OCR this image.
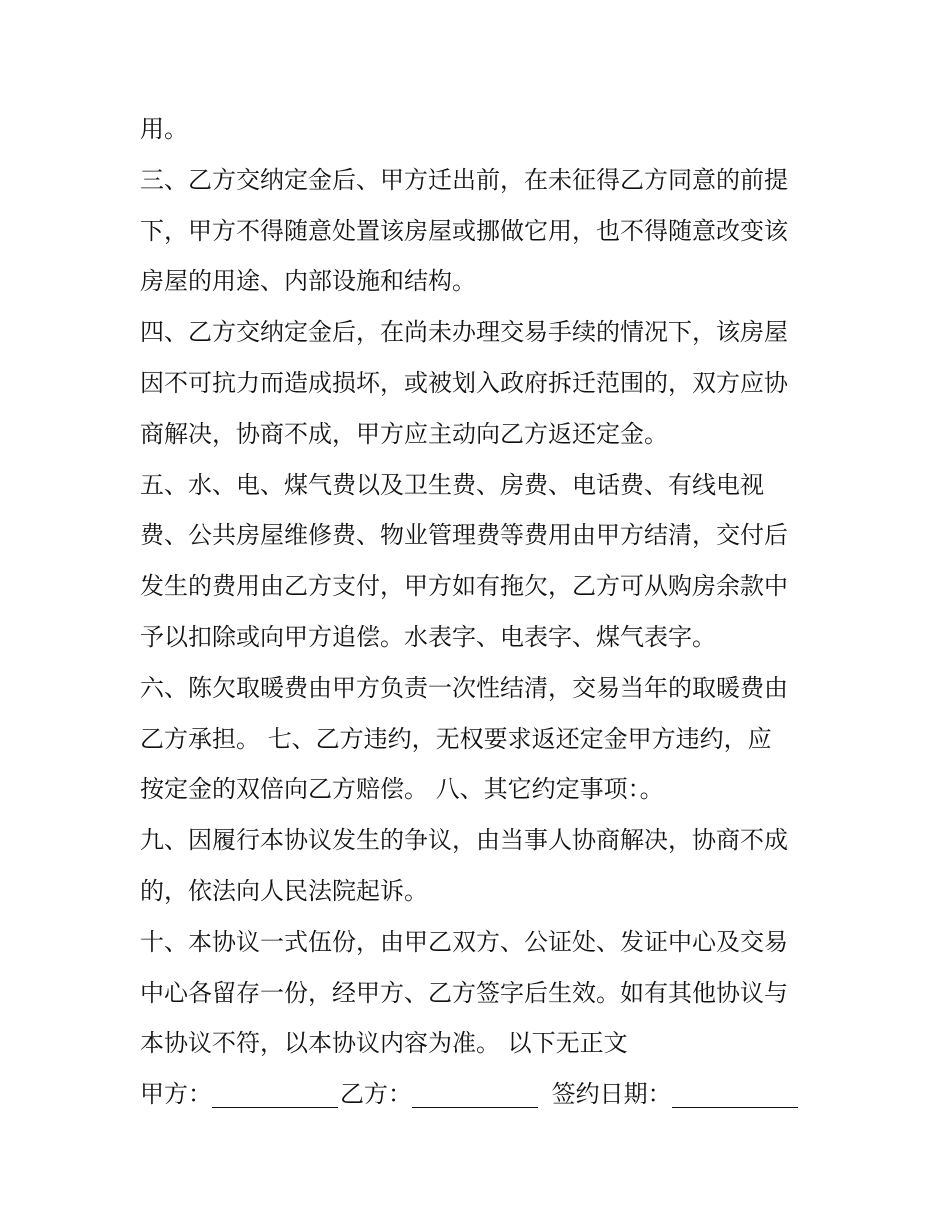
用。
三、乙方交纳定金后、甲方迁出前，在未征得乙方同意的前提
下，甲方不得随意处置该房屋或挪做它用，也不得随意改变该
房屋的用途、内部设施和结构。
四、乙方交纳定金后，在尚未办理交易手续的情况下，该房屋
因不可抗力而造成损坏，或被划入政府拆迁范围的，双方应协
商解决，协商不成，甲方应主动向乙方返还定金。
五、水、电、煤气费以及卫生费、房费、电话费、有线电视
费、公共房屋维修费、物业管理费等费用由甲方结清，交付后
发生的费用由乙方支付，甲方如有拖欠，乙方可从购房余款中
予以扣除或向甲方追偿。水表字、电表字、煤气表字。
六、陈欠取暖费由甲方负责一次性结清，交易当年的取暖费由
乙方承担。 七、乙方违约，无权要求返还定金甲方违约，应
按定金的双倍向乙方赔偿。 八、其它约定事项：。
九、因履行本协议发生的争议，由当事人协商解决，协商不成
的，依法向人民法院起诉。
十、本协议一式伍份，由甲乙双方、公证处、发证中心及交易
中心各留存一份，经甲方、乙方签字后生效。如有其他协议与
本协议不符，以本协议内容为准。 以下无正文
甲方：	乙方：	签约日期：
